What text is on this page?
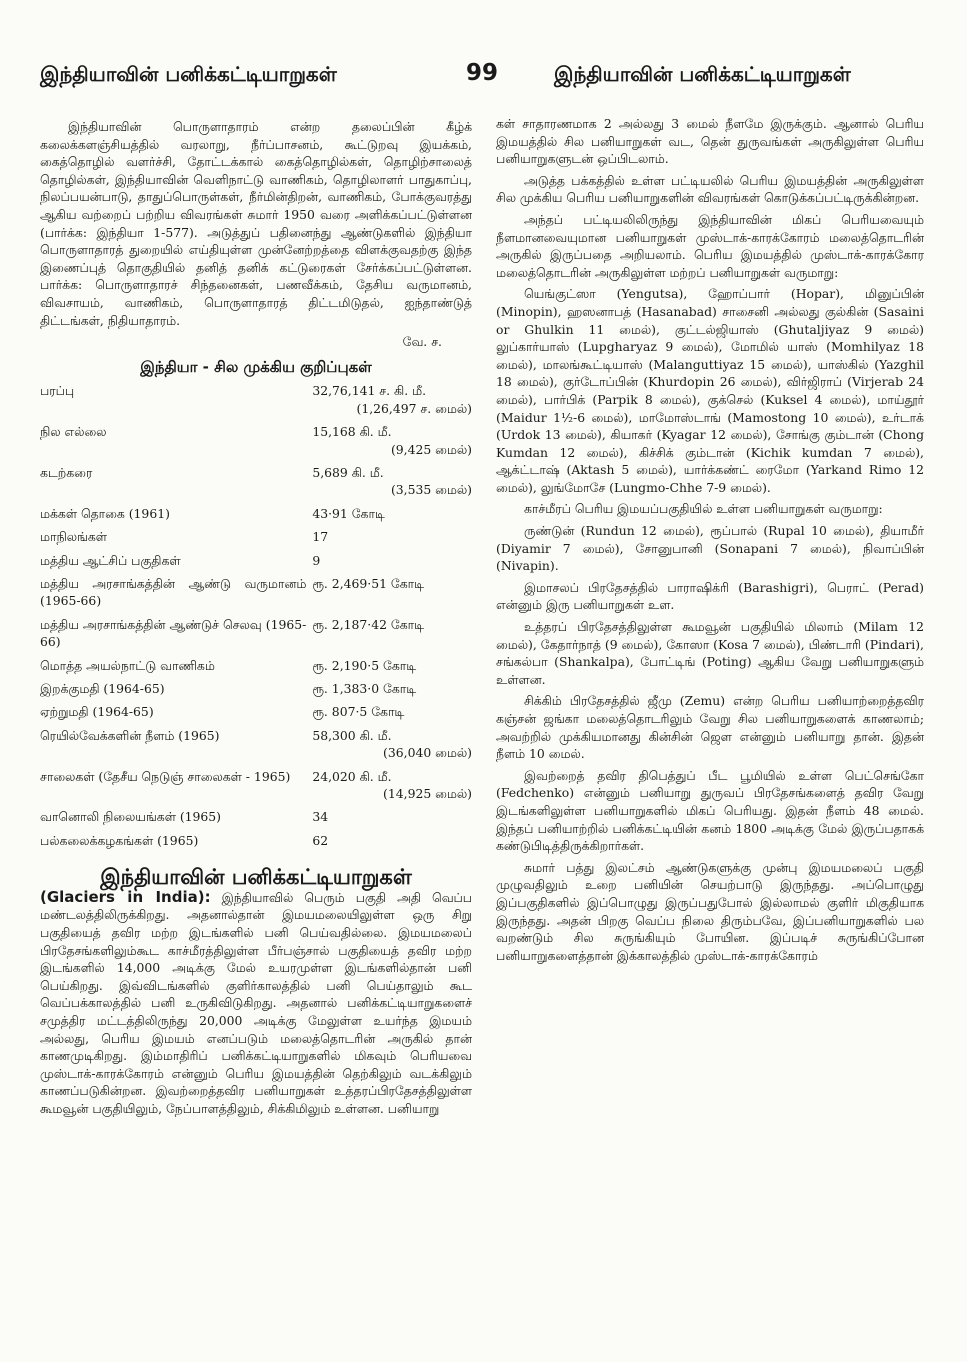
இந்தியாவின் பனிக்கட்டியாறுகள்	99	இந்தியாவின் பனிக்கட்டியாறுகள்

இந்தியாவின் பொருளாதாரம் என்ற தலைப்பின் கீழ்க் கலைக்களஞ்சியத்தில் வரலாறு, நீர்ப்பாசனம், கூட்டுறவு இயக்கம், கைத்தொழில் வளர்ச்சி, தோட்டக்கால் கைத்தொழில்கள், தொழிற்சாலைத் தொழில்கள், இந்தியாவின் வெளிநாட்டு வாணிகம், தொழிலாளர் பாதுகாப்பு, நிலப்பயன்பாடு, தாதுப்பொருள்கள், நீர்மின்திறன், வாணிகம், போக்குவரத்து ஆகிய வற்றைப் பற்றிய விவரங்கள் சுமார் 1950 வரை அளிக்கப்பட்டுள்ளன (பார்க்க: இந்தியா 1-577). அடுத்துப் பதினைந்து ஆண்டுகளில் இந்தியா பொருளாதாரத் துறையில் எய்தியுள்ள முன்னேற்றத்தை விளக்குவதற்கு இந்த இணைப்புத் தொகுதியில் தனித் தனிக் கட்டுரைகள் சேர்க்கப்பட்டுள்ளன. பார்க்க: பொருளாதாரச் சிந்தனைகள், பணவீக்கம், தேசிய வருமானம், விவசாயம், வாணிகம், பொருளாதாரத் திட்டமிடுதல், ஐந்தாண்டுத் திட்டங்கள், நிதியாதாரம்.

வே. ச.

இந்தியா - சில முக்கிய குறிப்புகள்
பரப்பு	32,76,141 ச. கி. மீ.
(1,26,497 ச. மைல்)

நில எல்லை	15,168 கி. மீ.
(9,425 மைல்)

கடற்கரை	5,689 கி. மீ.
(3,535 மைல்)

மக்கள் தொகை (1961)	43·91 கோடி
மாநிலங்கள்	17
மத்திய ஆட்சிப் பகுதிகள்	9
மத்திய அரசாங்கத்தின் ஆண்டு வருமானம் (1965-66)	ரூ. 2,469·51 கோடி
மத்திய அரசாங்கத்தின் ஆண்டுச் செலவு (1965-66)	ரூ. 2,187·42 கோடி
மொத்த அயல்நாட்டு வாணிகம்	ரூ. 2,190·5 கோடி
இறக்குமதி (1964-65)	ரூ. 1,383·0 கோடி
ஏற்றுமதி (1964-65)	ரூ. 807·5 கோடி
ரெயில்வேக்களின் நீளம் (1965)	58,300 கி. மீ.
(36,040 மைல்)

சாலைகள் (தேசீய நெடுஞ் சாலைகள் - 1965)	24,020 கி. மீ.
(14,925 மைல்)

வானொலி நிலையங்கள் (1965)	34
பல்கலைக்கழகங்கள் (1965)	62
இந்தியாவின் பனிக்கட்டியாறுகள்

(Glaciers in India): இந்தியாவில் பெரும் பகுதி அதி வெப்ப மண்டலத்திலிருக்கிறது. அதனால்தான் இமயமலையிலுள்ள ஒரு சிறு பகுதியைத் தவிர மற்ற இடங்களில் பனி பெய்வதில்லை. இமயமலைப் பிரதேசங்களிலும்கூட காச்மீரத்திலுள்ள பீர்பஞ்சால் பகுதியைத் தவிர மற்ற இடங்களில் 14,000 அடிக்கு மேல் உயரமுள்ள இடங்களில்தான் பனி பெய்கிறது. இவ்விடங்களில் குளிர்காலத்தில் பனி பெய்தாலும் கூட வெப்பக்காலத்தில் பனி உருகிவிடுகிறது. அதனால் பனிக்கட்டியாறுகளைச் சமுத்திர மட்டத்திலிருந்து 20,000 அடிக்கு மேலுள்ள உயர்ந்த இமயம் அல்லது, பெரிய இமயம் எனப்படும் மலைத்தொடரின் அருகில் தான் காணமுடிகிறது. இம்மாதிரிப் பனிக்கட்டியாறுகளில் மிகவும் பெரியவை முஸ்டாக்-காரக்கோரம் என்னும் பெரிய இமயத்தின் தெற்கிலும் வடக்கிலும் காணப்படுகின்றன. இவற்றைத்தவிர பனியாறுகள் உத்தரப்பிரதேசத்திலுள்ள கூமவூன் பகுதியிலும், நேப்பாளத்திலும், சிக்கிமிலும் உள்ளன. பனியாறு

கள் சாதாரணமாக 2 அல்லது 3 மைல் நீளமே இருக்கும். ஆனால் பெரிய இமயத்தில் சில பனியாறுகள் வட, தென் துருவங்கள் அருகிலுள்ள பெரிய பனியாறுகளுடன் ஒப்பிடலாம்.

அடுத்த பக்கத்தில் உள்ள பட்டியலில் பெரிய இமயத்தின் அருகிலுள்ள சில முக்கிய பெரிய பனியாறுகளின் விவரங்கள் கொடுக்கப்பட்டிருக்கின்றன.

அந்தப் பட்டியலிலிருந்து இந்தியாவின் மிகப் பெரியவையும் நீளமானவையுமான பனியாறுகள் முஸ்டாக்-காரக்கோரம் மலைத்தொடரின் அருகில் இருப்பதை அறியலாம். பெரிய இமயத்தில் முஸ்டாக்-காரக்கோர மலைத்தொடரின் அருகிலுள்ள மற்றப் பனியாறுகள் வருமாறு:

யெங்குட்ஸா (Yengutsa), ஹோப்பார் (Hopar), மினுப்பின் (Minopin), ஹஸனாபத் (Hasanabad) சாசைனி அல்லது குல்கின் (Sasaini or Ghulkin 11 மைல்), குட்டல்ஜியாஸ் (Ghutaljiyaz 9 மைல்) லுப்கார்யாஸ் (Lupgharyaz 9 மைல்), மோமில் யாஸ் (Momhilyaz 18 மைல்), மாலங்கூட்டியாஸ் (Malanguttiyaz 15 மைல்), யாஸ்கில் (Yazghil 18 மைல்), குர்டோப்பின் (Khurdopin 26 மைல்), விர்ஜிராப் (Virjerab 24 மைல்), பார்பிக் (Parpik 8 மைல்), குக்செல் (Kuksel 4 மைல்), மாய்தூர் (Maidur 1½-6 மைல்), மாமோஸ்டாங் (Mamostong 10 மைல்), உர்டாக் (Urdok 13 மைல்), கியாகர் (Kyagar 12 மைல்), சோங்கு கும்டான் (Chong Kumdan 12 மைல்), கிச்சிக் கும்டான் (Kichik kumdan 7 மைல்), ஆக்ட்டாஷ் (Aktash 5 மைல்), யார்க்கண்ட் ரைமோ (Yarkand Rimo 12 மைல்), லுங்மோசே (Lungmo-Chhe 7-9 மைல்).

காச்மீரப் பெரிய இமயப்பகுதியில் உள்ள பனியாறுகள் வருமாறு:

ருண்டுன் (Rundun 12 மைல்), ரூப்பால் (Rupal 10 மைல்), தியாமீர் (Diyamir 7 மைல்), சோனுபானி (Sonapani 7 மைல்), நிவாப்பின் (Nivapin).

இமாசலப் பிரதேசத்தில் பாராஷிக்ரி (Barashigri), பெராட் (Perad) என்னும் இரு பனியாறுகள் உள.

உத்தரப் பிரதேசத்திலுள்ள கூமவூன் பகுதியில் மிலாம் (Milam 12 மைல்), கேதார்நாத் (9 மைல்), கோஸா (Kosa 7 மைல்), பிண்டாரி (Pindari), சங்கல்பா (Shankalpa), போட்டிங் (Poting) ஆகிய வேறு பனியாறுகளும் உள்ளன.

சிக்கிம் பிரதேசத்தில் ஜீமு (Zemu) என்ற பெரிய பனியாற்றைத்தவிர கஞ்சன் ஜங்கா மலைத்தொடரிலும் வேறு சில பனியாறுகளைக் காணலாம்; அவற்றில் முக்கியமானது கின்சின் ஜௌ என்னும் பனியாறு தான். இதன் நீளம் 10 மைல்.

இவற்றைத் தவிர திபெத்துப் பீட பூமியில் உள்ள பெட்செங்கோ (Fedchenko) என்னும் பனியாறு துருவப் பிரதேசங்களைத் தவிர வேறு இடங்களிலுள்ள பனியாறுகளில் மிகப் பெரியது. இதன் நீளம் 48 மைல். இந்தப் பனியாற்றில் பனிக்கட்டியின் கனம் 1800 அடிக்கு மேல் இருப்பதாகக் கண்டுபிடித்திருக்கிறார்கள்.

சுமார் பத்து இலட்சம் ஆண்டுகளுக்கு முன்பு இமயமலைப் பகுதி முழுவதிலும் உறை பனியின் செயற்பாடு இருந்தது. அப்பொழுது இப்பகுதிகளில் இப்பொழுது இருப்பதுபோல் இல்லாமல் குளிர் மிகுதியாக இருந்தது. அதன் பிறகு வெப்ப நிலை திரும்பவே, இப்பனியாறுகளில் பல வறண்டும் சில சுருங்கியும் போயின. இப்படிச் சுருங்கிப்போன பனியாறுகளைத்தான் இக்காலத்தில் முஸ்டாக்-காரக்கோரம்
